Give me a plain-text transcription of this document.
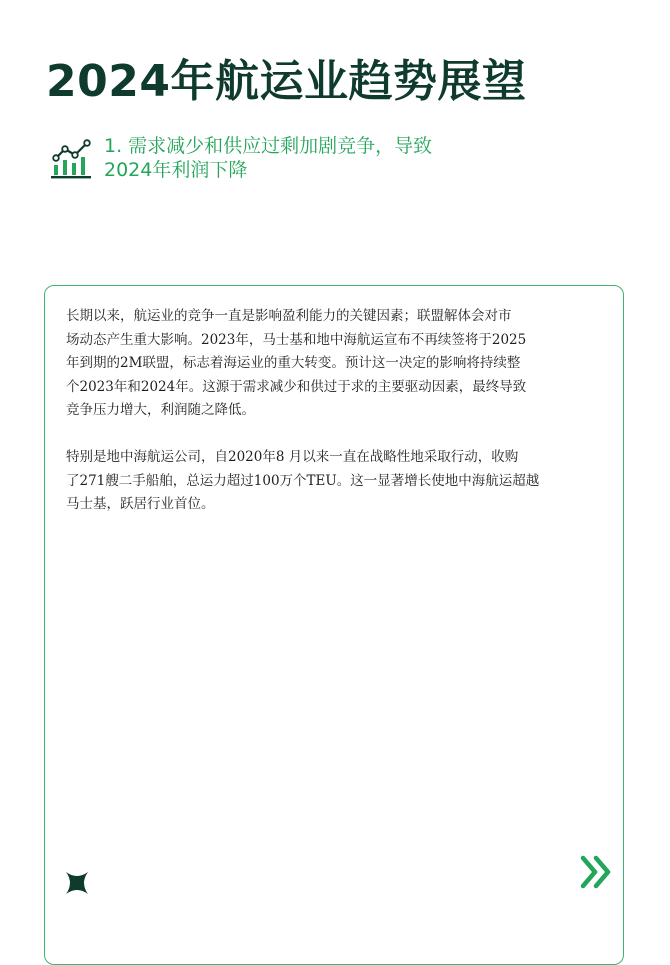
2024年航运业趋势展望
1. 需求减少和供应过剩加剧竞争，导致
2024年利润下降

长期以来，航运业的竞争一直是影响盈利能力的关键因素；联盟解体会对市
场动态产生重大影响。2023年，马士基和地中海航运宣布不再续签将于2025
年到期的2M联盟，标志着海运业的重大转变。预计这一决定的影响将持续整
个2023年和2024年。这源于需求减少和供过于求的主要驱动因素，最终导致
竞争压力增大，利润随之降低。

特别是地中海航运公司，自2020年8 月以来一直在战略性地采取行动，收购
了271艘二手船舶，总运力超过100万个TEU。这一显著增长使地中海航运超越
马士基，跃居行业首位。
